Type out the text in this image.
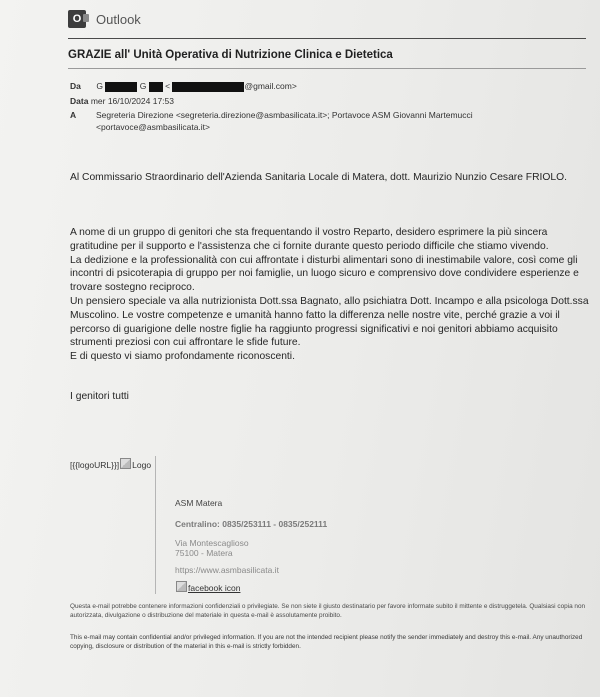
O Outlook
GRAZIE all' Unità Operativa di Nutrizione Clinica e Dietetica
Da G	G <	@gmail.com>
Data mer 16/10/2024 17:53
A Segreteria Direzione <segreteria.direzione@asmbasilicata.it>; Portavoce ASM Giovanni Martemucci <portavoce@asmbasilicata.it>
Al Commissario Straordinario dell'Azienda Sanitaria Locale di Matera, dott. Maurizio Nunzio Cesare FRIOLO.

A nome di un gruppo di genitori che sta frequentando il vostro Reparto, desidero esprimere la più sincera gratitudine per il supporto e l'assistenza che ci fornite durante questo periodo difficile che stiamo vivendo.

La dedizione e la professionalità con cui affrontate i disturbi alimentari sono di inestimabile valore, così come gli incontri di psicoterapia di gruppo per noi famiglie, un luogo sicuro e comprensivo dove condividere esperienze e trovare sostegno reciproco.

Un pensiero speciale va alla nutrizionista Dott.ssa Bagnato, allo psichiatra Dott. Incampo e alla psicologa Dott.ssa Muscolino. Le vostre competenze e umanità hanno fatto la differenza nelle nostre vite, perché grazie a voi il percorso di guarigione delle nostre figlie ha raggiunto progressi significativi e noi genitori abbiamo acquisito strumenti preziosi con cui affrontare le sfide future.

E di questo vi siamo profondamente riconoscenti.

I genitori tutti
[{{logoURL}}] Logo
ASM Matera
Centralino: 0835/253111 - 0835/252111
Via Montescaglioso
75100 - Matera
https://www.asmbasilicata.it
facebook icon
Questa e-mail potrebbe contenere informazioni confidenziali o privilegiate. Se non siete il giusto destinatario per favore informate subito il mittente e distruggetela. Qualsiasi copia non autorizzata, divulgazione o distribuzione del materiale in questa e-mail è assolutamente proibito.
This e-mail may contain confidential and/or privileged information. If you are not the intended recipient please notify the sender immediately and destroy this e-mail. Any unauthorized copying, disclosure or distribution of the material in this e-mail is strictly forbidden.
